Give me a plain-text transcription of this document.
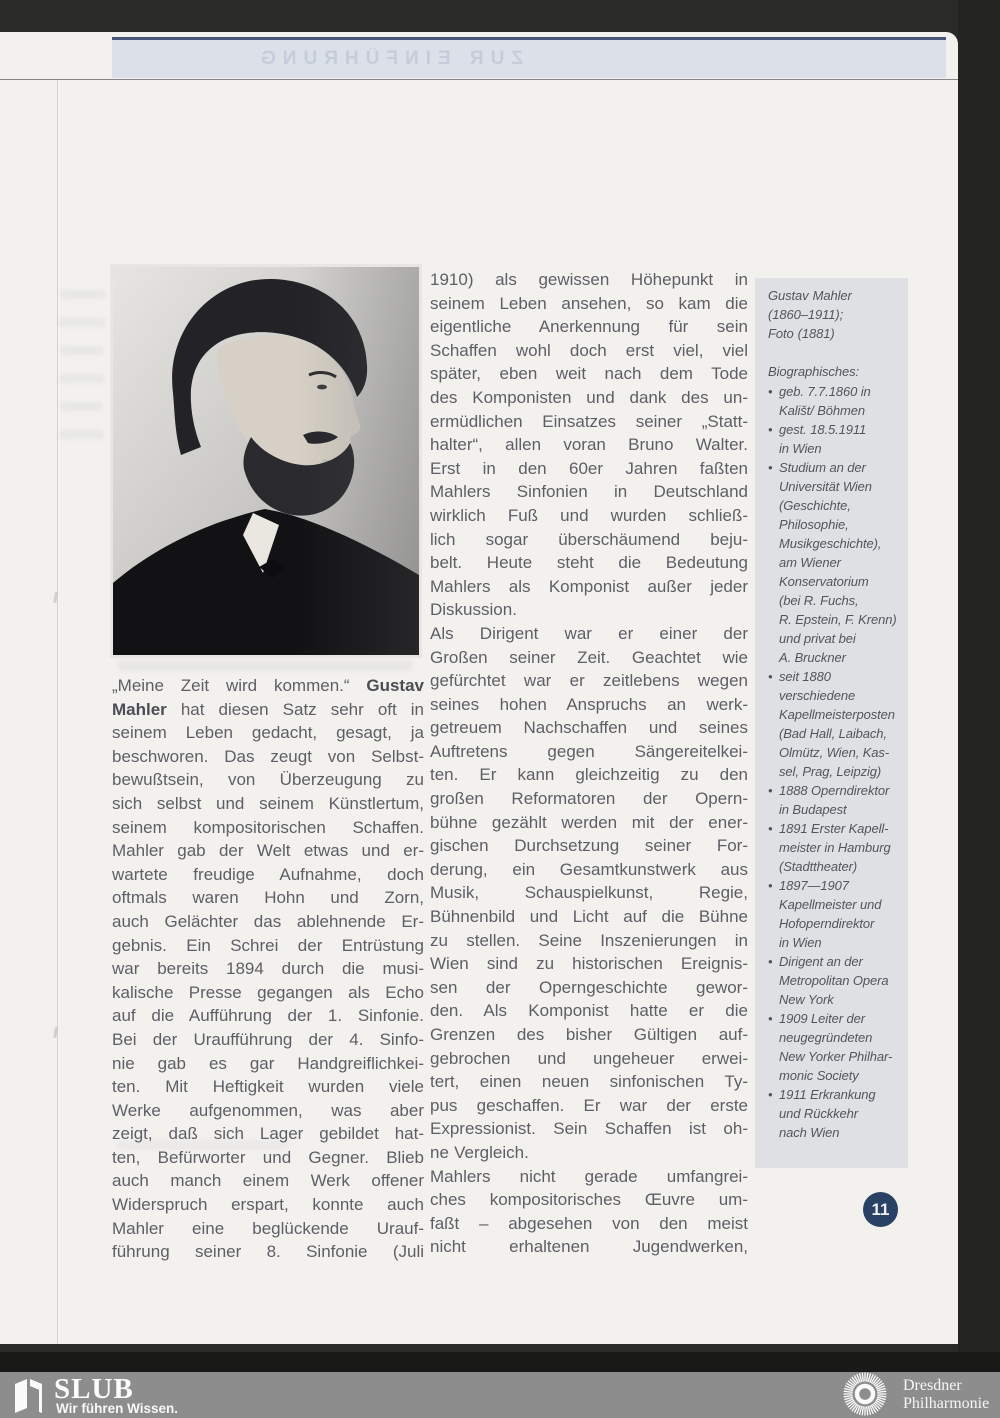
ZUR EINFÜHRUNG
„Meine Zeit wird kommen.“ Gustav
Mahler hat diesen Satz sehr oft in
seinem Leben gedacht, gesagt, ja
beschworen. Das zeugt von Selbst-
bewußtsein, von Überzeugung zu
sich selbst und seinem Künstlertum,
seinem kompositorischen Schaffen.
Mahler gab der Welt etwas und er-
wartete freudige Aufnahme, doch
oftmals waren Hohn und Zorn,
auch Gelächter das ablehnende Er-
gebnis. Ein Schrei der Entrüstung
war bereits 1894 durch die musi-
kalische Presse gegangen als Echo
auf die Aufführung der 1. Sinfonie.
Bei der Uraufführung der 4. Sinfo-
nie gab es gar Handgreiflichkei-
ten. Mit Heftigkeit wurden viele
Werke aufgenommen, was aber
zeigt, daß sich Lager gebildet hat-
ten, Befürworter und Gegner. Blieb
auch manch einem Werk offener
Widerspruch erspart, konnte auch
Mahler eine beglückende Urauf-
führung seiner 8. Sinfonie (Juli
1910) als gewissen Höhepunkt in
seinem Leben ansehen, so kam die
eigentliche Anerkennung für sein
Schaffen wohl doch erst viel, viel
später, eben weit nach dem Tode
des Komponisten und dank des un-
ermüdlichen Einsatzes seiner „Statt-
halter“, allen voran Bruno Walter.
Erst in den 60er Jahren faßten
Mahlers Sinfonien in Deutschland
wirklich Fuß und wurden schließ-
lich sogar überschäumend beju-
belt. Heute steht die Bedeutung
Mahlers als Komponist außer jeder
Diskussion.
Als Dirigent war er einer der
Großen seiner Zeit. Geachtet wie
gefürchtet war er zeitlebens wegen
seines hohen Anspruchs an werk-
getreuem Nachschaffen und seines
Auftretens gegen Sängereitelkei-
ten. Er kann gleichzeitig zu den
großen Reformatoren der Opern-
bühne gezählt werden mit der ener-
gischen Durchsetzung seiner For-
derung, ein Gesamtkunstwerk aus
Musik, Schauspielkunst, Regie,
Bühnenbild und Licht auf die Bühne
zu stellen. Seine Inszenierungen in
Wien sind zu historischen Ereignis-
sen der Operngeschichte gewor-
den. Als Komponist hatte er die
Grenzen des bisher Gültigen auf-
gebrochen und ungeheuer erwei-
tert, einen neuen sinfonischen Ty-
pus geschaffen. Er war der erste
Expressionist. Sein Schaffen ist oh-
ne Vergleich.
Mahlers nicht gerade umfangrei-
ches kompositorisches Œuvre um-
faßt – abgesehen von den meist
nicht erhaltenen Jugendwerken,
Gustav Mahler
(1860–1911);
Foto (1881)
Biographisches:
• geb. 7.7.1860 in
Kališt/ Böhmen
• gest. 18.5.1911
in Wien
• Studium an der
Universität Wien
(Geschichte,
Philosophie,
Musikgeschichte),
am Wiener
Konservatorium
(bei R. Fuchs,
R. Epstein, F. Krenn)
und privat bei
A. Bruckner
• seit 1880
verschiedene
Kapellmeisterposten
(Bad Hall, Laibach,
Olmütz, Wien, Kas-
sel, Prag, Leipzig)
• 1888 Operndirektor
in Budapest
• 1891 Erster Kapell-
meister in Hamburg
(Stadttheater)
• 1897—1907
Kapellmeister und
Hofoperndirektor
in Wien
• Dirigent an der
Metropolitan Opera
New York
• 1909 Leiter der
neugegründeten
New Yorker Philhar-
monic Society
• 1911 Erkrankung
und Rückkehr
nach Wien
11
SLUB
Wir führen Wissen.
Dresdner
Philharmonie
